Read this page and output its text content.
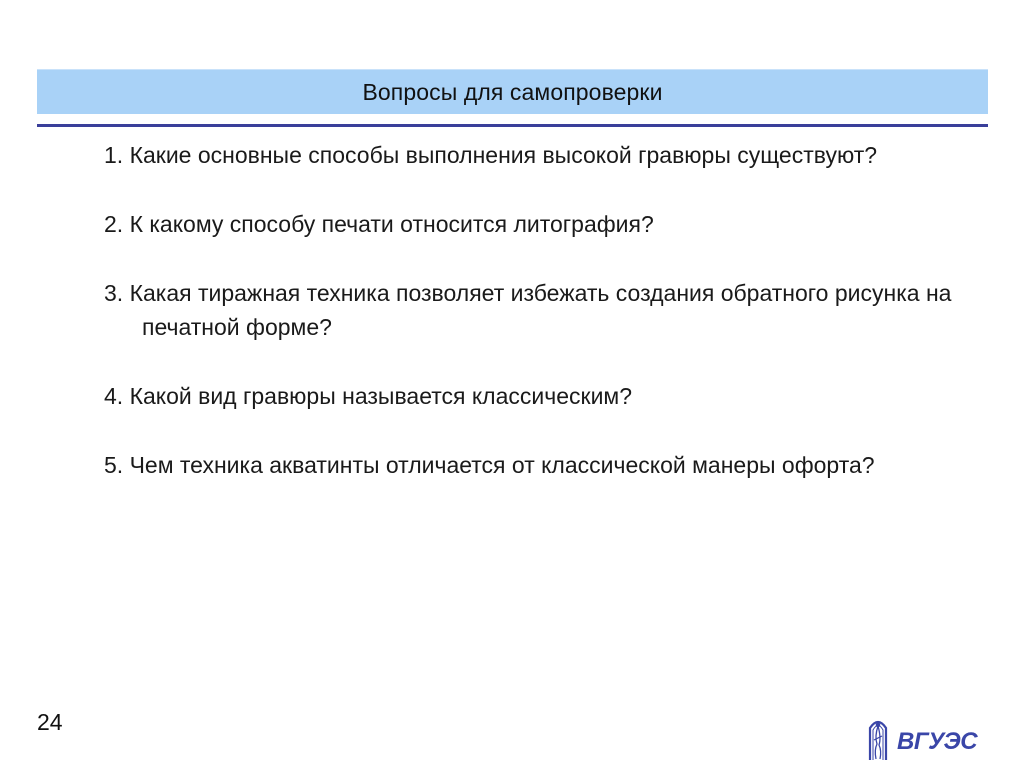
Вопросы для самопроверки
1. Какие основные способы выполнения высокой гравюры существуют?
2. К какому способу печати относится литография?
3. Какая тиражная техника позволяет избежать создания обратного рисунка на печатной форме?
4. Какой вид гравюры называется классическим?
5. Чем техника акватинты отличается от классической манеры офорта?
24
ВГУЭС
